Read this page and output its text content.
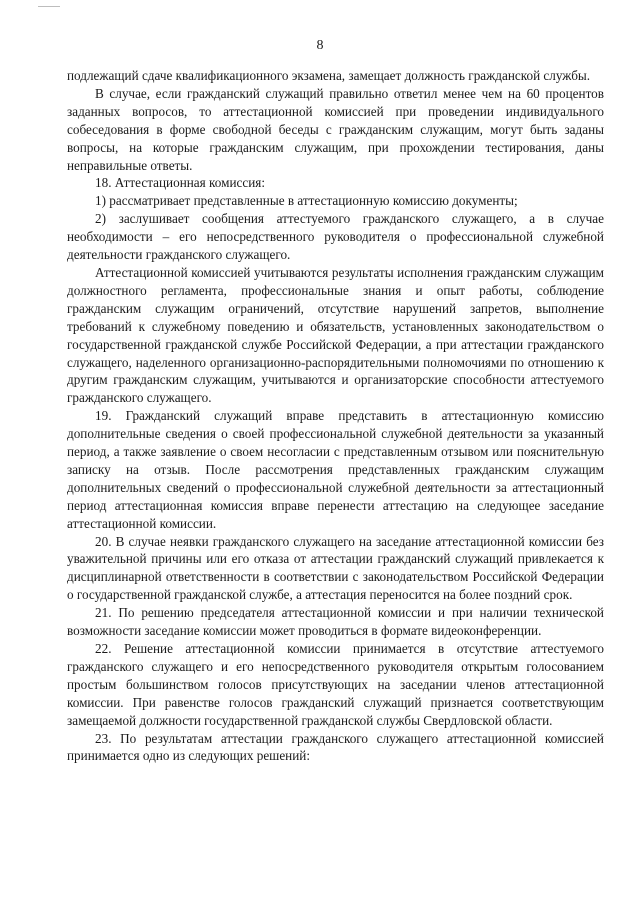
8

подлежащий сдаче квалификационного экзамена, замещает должность гражданской службы.

В случае, если гражданский служащий правильно ответил менее чем на 60 процентов заданных вопросов, то аттестационной комиссией при проведении индивидуального собеседования в форме свободной беседы с гражданским служащим, могут быть заданы вопросы, на которые гражданским служащим, при прохождении тестирования, даны неправильные ответы.

18. Аттестационная комиссия:

1) рассматривает представленные в аттестационную комиссию документы;

2) заслушивает сообщения аттестуемого гражданского служащего, а в случае необходимости – его непосредственного руководителя о профессиональной служебной деятельности гражданского служащего.

Аттестационной комиссией учитываются результаты исполнения гражданским служащим должностного регламента, профессиональные знания и опыт работы, соблюдение гражданским служащим ограничений, отсутствие нарушений запретов, выполнение требований к служебному поведению и обязательств, установленных законодательством о государственной гражданской службе Российской Федерации, а при аттестации гражданского служащего, наделенного организационно-распорядительными полномочиями по отношению к другим гражданским служащим, учитываются и организаторские способности аттестуемого гражданского служащего.

19. Гражданский служащий вправе представить в аттестационную комиссию дополнительные сведения о своей профессиональной служебной деятельности за указанный период, а также заявление о своем несогласии с представленным отзывом или пояснительную записку на отзыв. После рассмотрения представленных гражданским служащим дополнительных сведений о профессиональной служебной деятельности за аттестационный период аттестационная комиссия вправе перенести аттестацию на следующее заседание аттестационной комиссии.

20. В случае неявки гражданского служащего на заседание аттестационной комиссии без уважительной причины или его отказа от аттестации гражданский служащий привлекается к дисциплинарной ответственности в соответствии с законодательством Российской Федерации о государственной гражданской службе, а аттестация переносится на более поздний срок.

21. По решению председателя аттестационной комиссии и при наличии технической возможности заседание комиссии может проводиться в формате видеоконференции.

22. Решение аттестационной комиссии принимается в отсутствие аттестуемого гражданского служащего и его непосредственного руководителя открытым голосованием простым большинством голосов присутствующих на заседании членов аттестационной комиссии. При равенстве голосов гражданский служащий признается соответствующим замещаемой должности государственной гражданской службы Свердловской области.

23. По результатам аттестации гражданского служащего аттестационной комиссией принимается одно из следующих решений:
